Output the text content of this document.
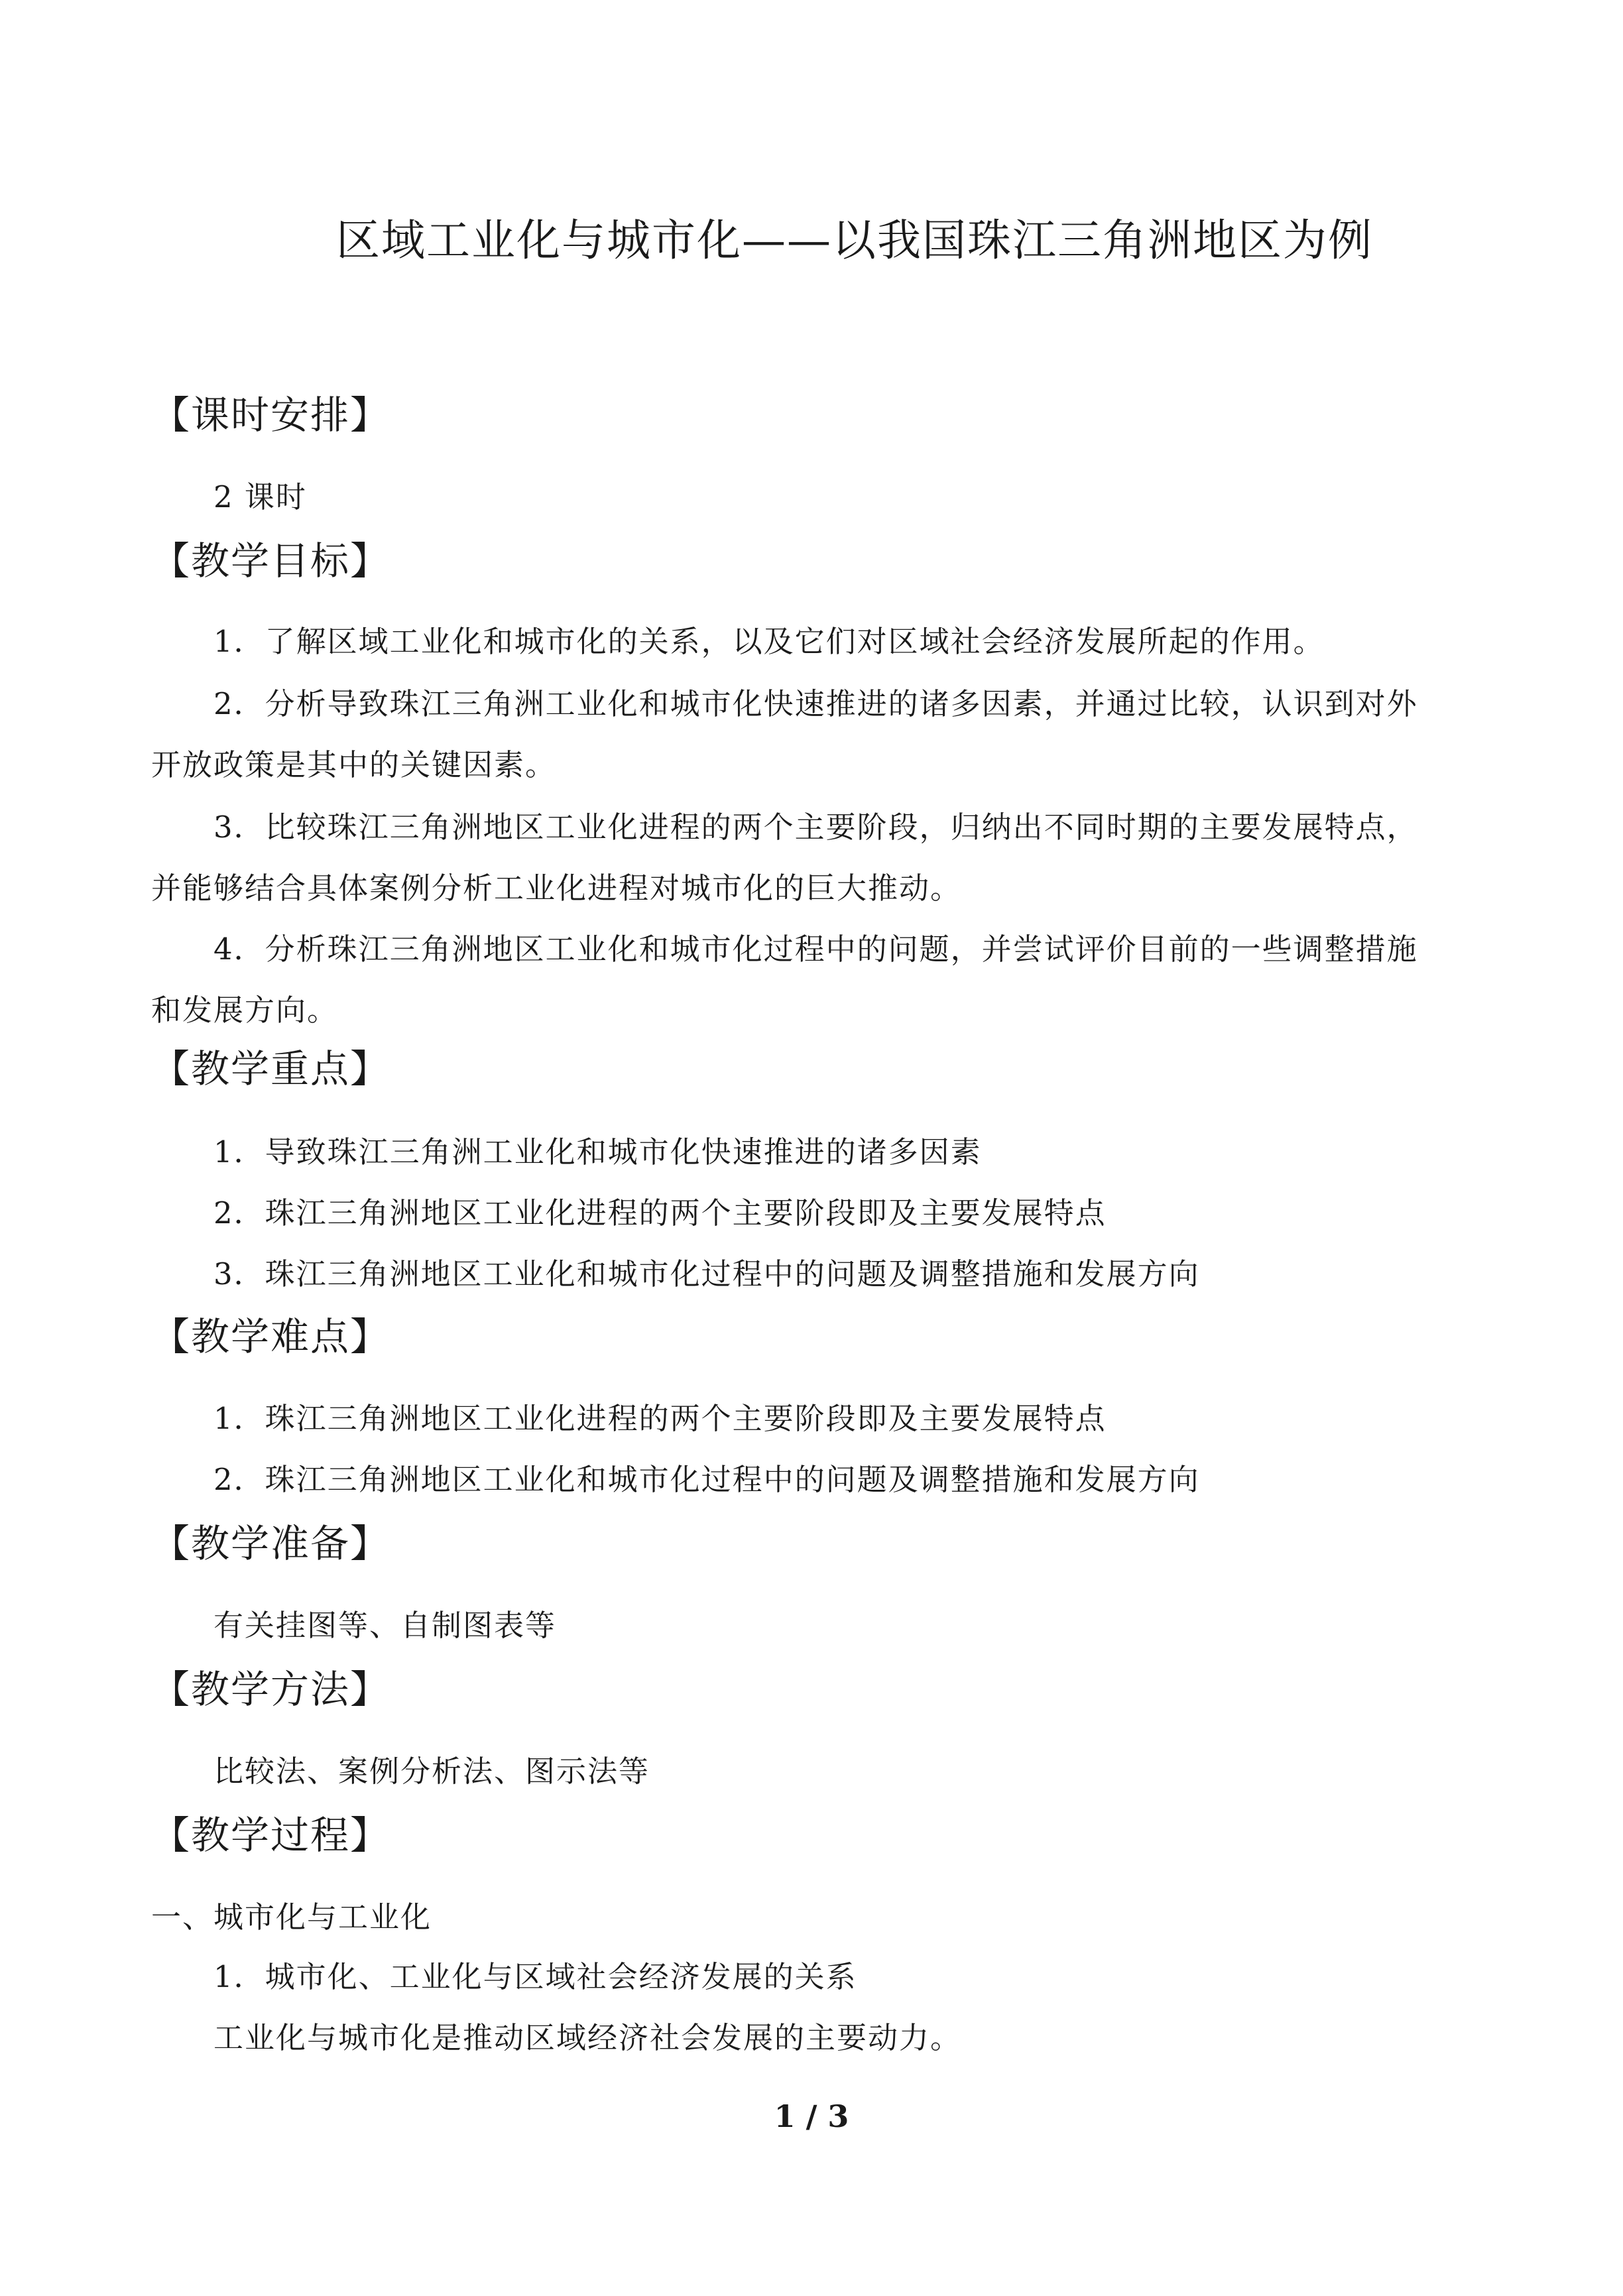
区域工业化与城市化——以我国珠江三角洲地区为例
【课时安排】
2 课时
【教学目标】
1．了解区域工业化和城市化的关系，以及它们对区域社会经济发展所起的作用。
2．分析导致珠江三角洲工业化和城市化快速推进的诸多因素，并通过比较，认识到对外
开放政策是其中的关键因素。
3．比较珠江三角洲地区工业化进程的两个主要阶段，归纳出不同时期的主要发展特点，
并能够结合具体案例分析工业化进程对城市化的巨大推动。
4．分析珠江三角洲地区工业化和城市化过程中的问题，并尝试评价目前的一些调整措施
和发展方向。
【教学重点】
1．导致珠江三角洲工业化和城市化快速推进的诸多因素
2．珠江三角洲地区工业化进程的两个主要阶段即及主要发展特点
3．珠江三角洲地区工业化和城市化过程中的问题及调整措施和发展方向
【教学难点】
1．珠江三角洲地区工业化进程的两个主要阶段即及主要发展特点
2．珠江三角洲地区工业化和城市化过程中的问题及调整措施和发展方向
【教学准备】
有关挂图等、自制图表等
【教学方法】
比较法、案例分析法、图示法等
【教学过程】
一、城市化与工业化
1．城市化、工业化与区域社会经济发展的关系
工业化与城市化是推动区域经济社会发展的主要动力。
1 / 3
